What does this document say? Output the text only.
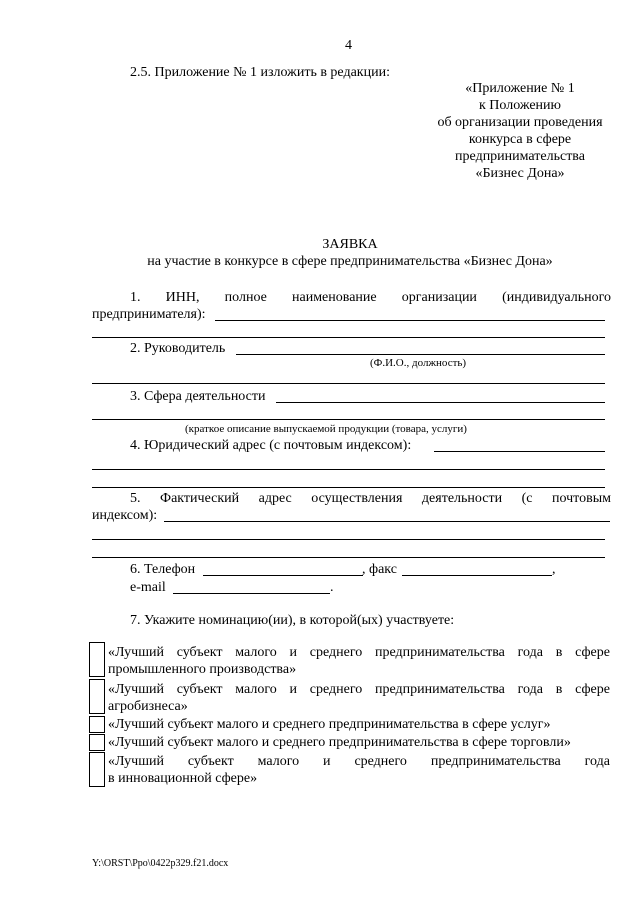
4
2.5. Приложение № 1 изложить в редакции:
«Приложение № 1
к Положению
об организации проведения
конкурса в сфере
предпринимательства
«Бизнес Дона»
ЗАЯВКА
на участие в конкурсе в сфере предпринимательства «Бизнес Дона»
1. ИНН, полное наименование организации (индивидуального
предпринимателя):
2. Руководитель
(Ф.И.О., должность)
3. Сфера деятельности
(краткое описание выпускаемой продукции (товара, услуги)
4. Юридический адрес (с почтовым индексом):
5. Фактический адрес осуществления деятельности (с почтовым
индексом):
6. Телефон	, факс	,
e-mail	.
7. Укажите номинацию(ии), в которой(ых) участвуете:
«Лучший субъект малого и среднего предпринимательства года в сфере
промышленного производства»
«Лучший субъект малого и среднего предпринимательства года в сфере
агробизнеса»
«Лучший субъект малого и среднего предпринимательства в сфере услуг»
«Лучший субъект малого и среднего предпринимательства в сфере торговли»
«Лучший субъект малого и среднего предпринимательства года
в инновационной сфере»
Y:\ORST\Ppo\0422p329.f21.docx
